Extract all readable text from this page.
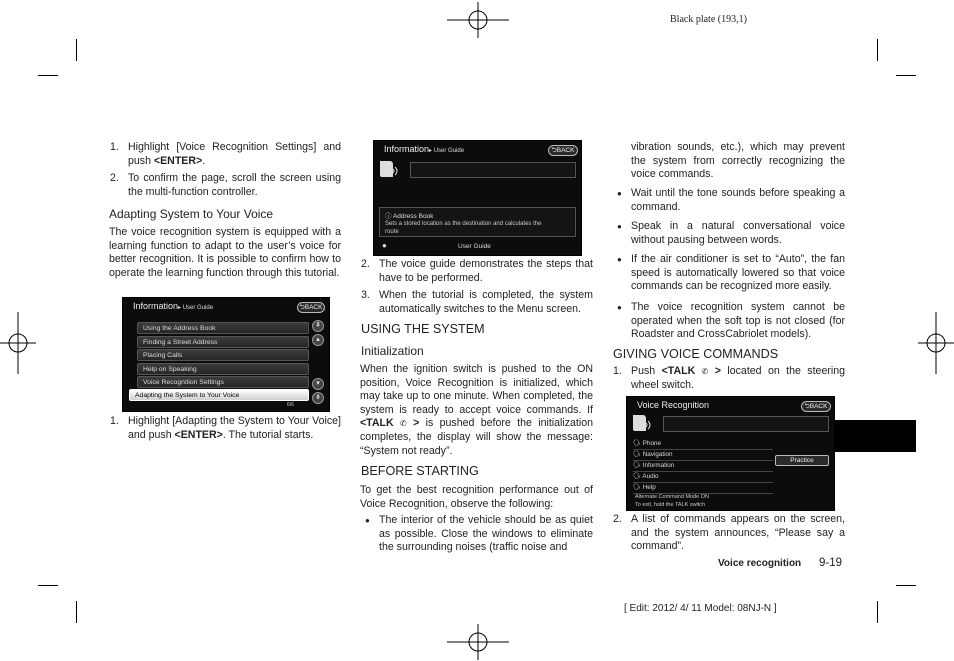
Black plate (193,1)
1. Highlight [Voice Recognition Settings] and push <ENTER>.
2. To confirm the page, scroll the screen using the multi-function controller.
Adapting System to Your Voice
The voice recognition system is equipped with a learning function to adapt to the user’s voice for better recognition. It is possible to confirm how to operate the learning function through this tutorial.
Information▸ User Guide	⮌BACK
Using the Address Book
Finding a Street Address
Placing Calls
Help on Speaking
Voice Recognition Settings
Adapting the System to Your Voice
⇞
▴
▾
⇟
6/6
1. Highlight [Adapting the System to Your Voice] and push <ENTER>. The tutorial starts.
Information▸ User Guide	⮌BACK
ⓘ Address Book
Sets a stored location as the destination and calculates the route
●	User Guide
2. The voice guide demonstrates the steps that have to be performed.
3. When the tutorial is completed, the system automatically switches to the Menu screen.
USING THE SYSTEM
Initialization
When the ignition switch is pushed to the ON position, Voice Recognition is initialized, which may take up to one minute. When completed, the system is ready to accept voice commands. If <TALK ✆ > is pushed before the initialization completes, the display will show the message: “System not ready”.
BEFORE STARTING
To get the best recognition performance out of Voice Recognition, observe the following:
● The interior of the vehicle should be as quiet as possible. Close the windows to eliminate the surrounding noises (traffic noise and
vibration sounds, etc.), which may prevent the system from correctly recognizing the voice commands.
● Wait until the tone sounds before speaking a command.
● Speak in a natural conversational voice without pausing between words.
● If the air conditioner is set to “Auto”, the fan speed is automatically lowered so that voice commands can be recognized more easily.
● The voice recognition system cannot be operated when the soft top is not closed (for Roadster and CrossCabriolet models).
GIVING VOICE COMMANDS
1. Push <TALK ✆ > located on the steering wheel switch.
Voice Recognition	⮌BACK
🗣 Phone
🗣 Navigation
🗣 Information
🗣 Audio
🗣 Help
Alternate Command Mode ON
To exit, hold the TALK switch
Practice
2. A list of commands appears on the screen, and the system announces, “Please say a command”.
Voice recognition 9-19
[ Edit: 2012/ 4/ 11 Model: 08NJ-N ]
